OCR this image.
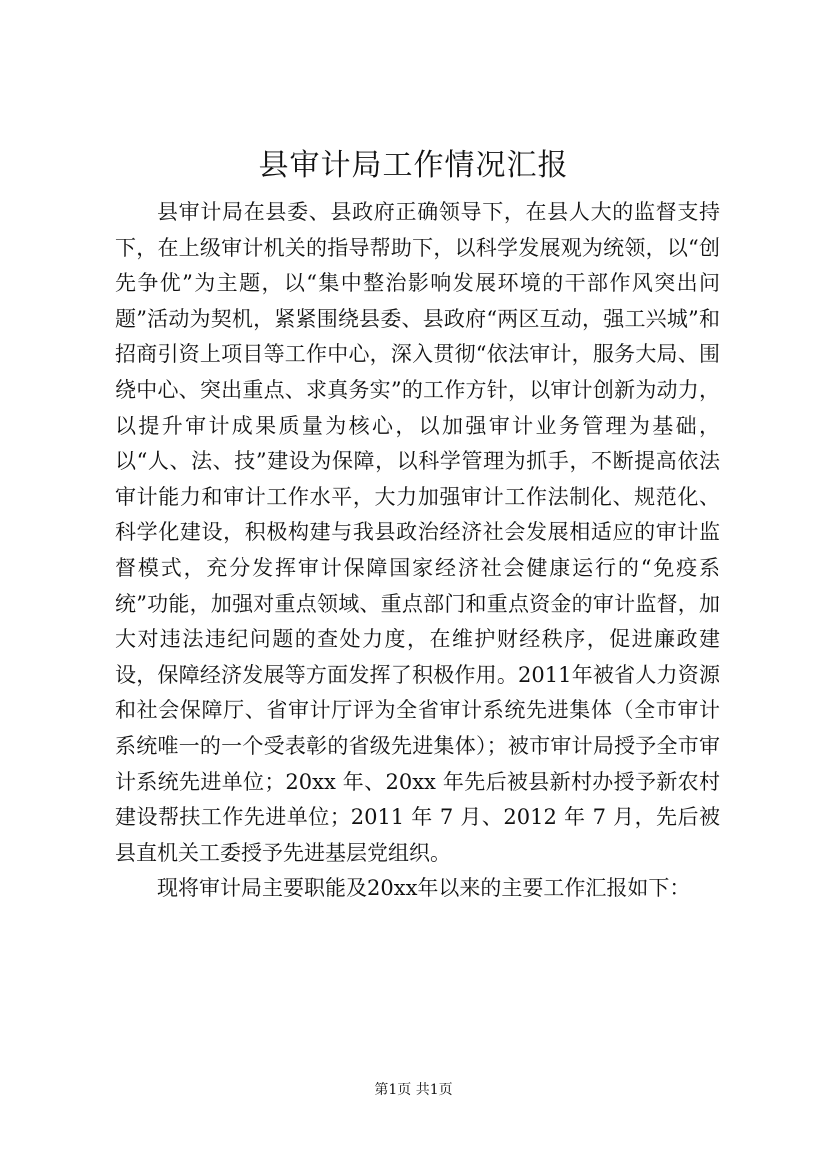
县审计局工作情况汇报

县审计局在县委、县政府正确领导下，在县人大的监督支持下，在上级审计机关的指导帮助下，以科学发展观为统领，以“创先争优”为主题，以“集中整治影响发展环境的干部作风突出问题”活动为契机，紧紧围绕县委、县政府“两区互动，强工兴城”和招商引资上项目等工作中心，深入贯彻“依法审计，服务大局、围绕中心、突出重点、求真务实”的工作方针，以审计创新为动力，以提升审计成果质量为核心，以加强审计业务管理为基础，以“人、法、技”建设为保障，以科学管理为抓手，不断提高依法审计能力和审计工作水平，大力加强审计工作法制化、规范化、科学化建设，积极构建与我县政治经济社会发展相适应的审计监督模式，充分发挥审计保障国家经济社会健康运行的“免疫系统”功能，加强对重点领域、重点部门和重点资金的审计监督，加大对违法违纪问题的查处力度，在维护财经秩序，促进廉政建设，保障经济发展等方面发挥了积极作用。2011年被省人力资源和社会保障厅、省审计厅评为全省审计系统先进集体（全市审计系统唯一的一个受表彰的省级先进集体）；被市审计局授予全市审计系统先进单位；20xx 年、20xx 年先后被县新村办授予新农村建设帮扶工作先进单位；2011 年 7 月、2012 年 7 月，先后被县直机关工委授予先进基层党组织。

现将审计局主要职能及20xx年以来的主要工作汇报如下：

第1页 共1页
